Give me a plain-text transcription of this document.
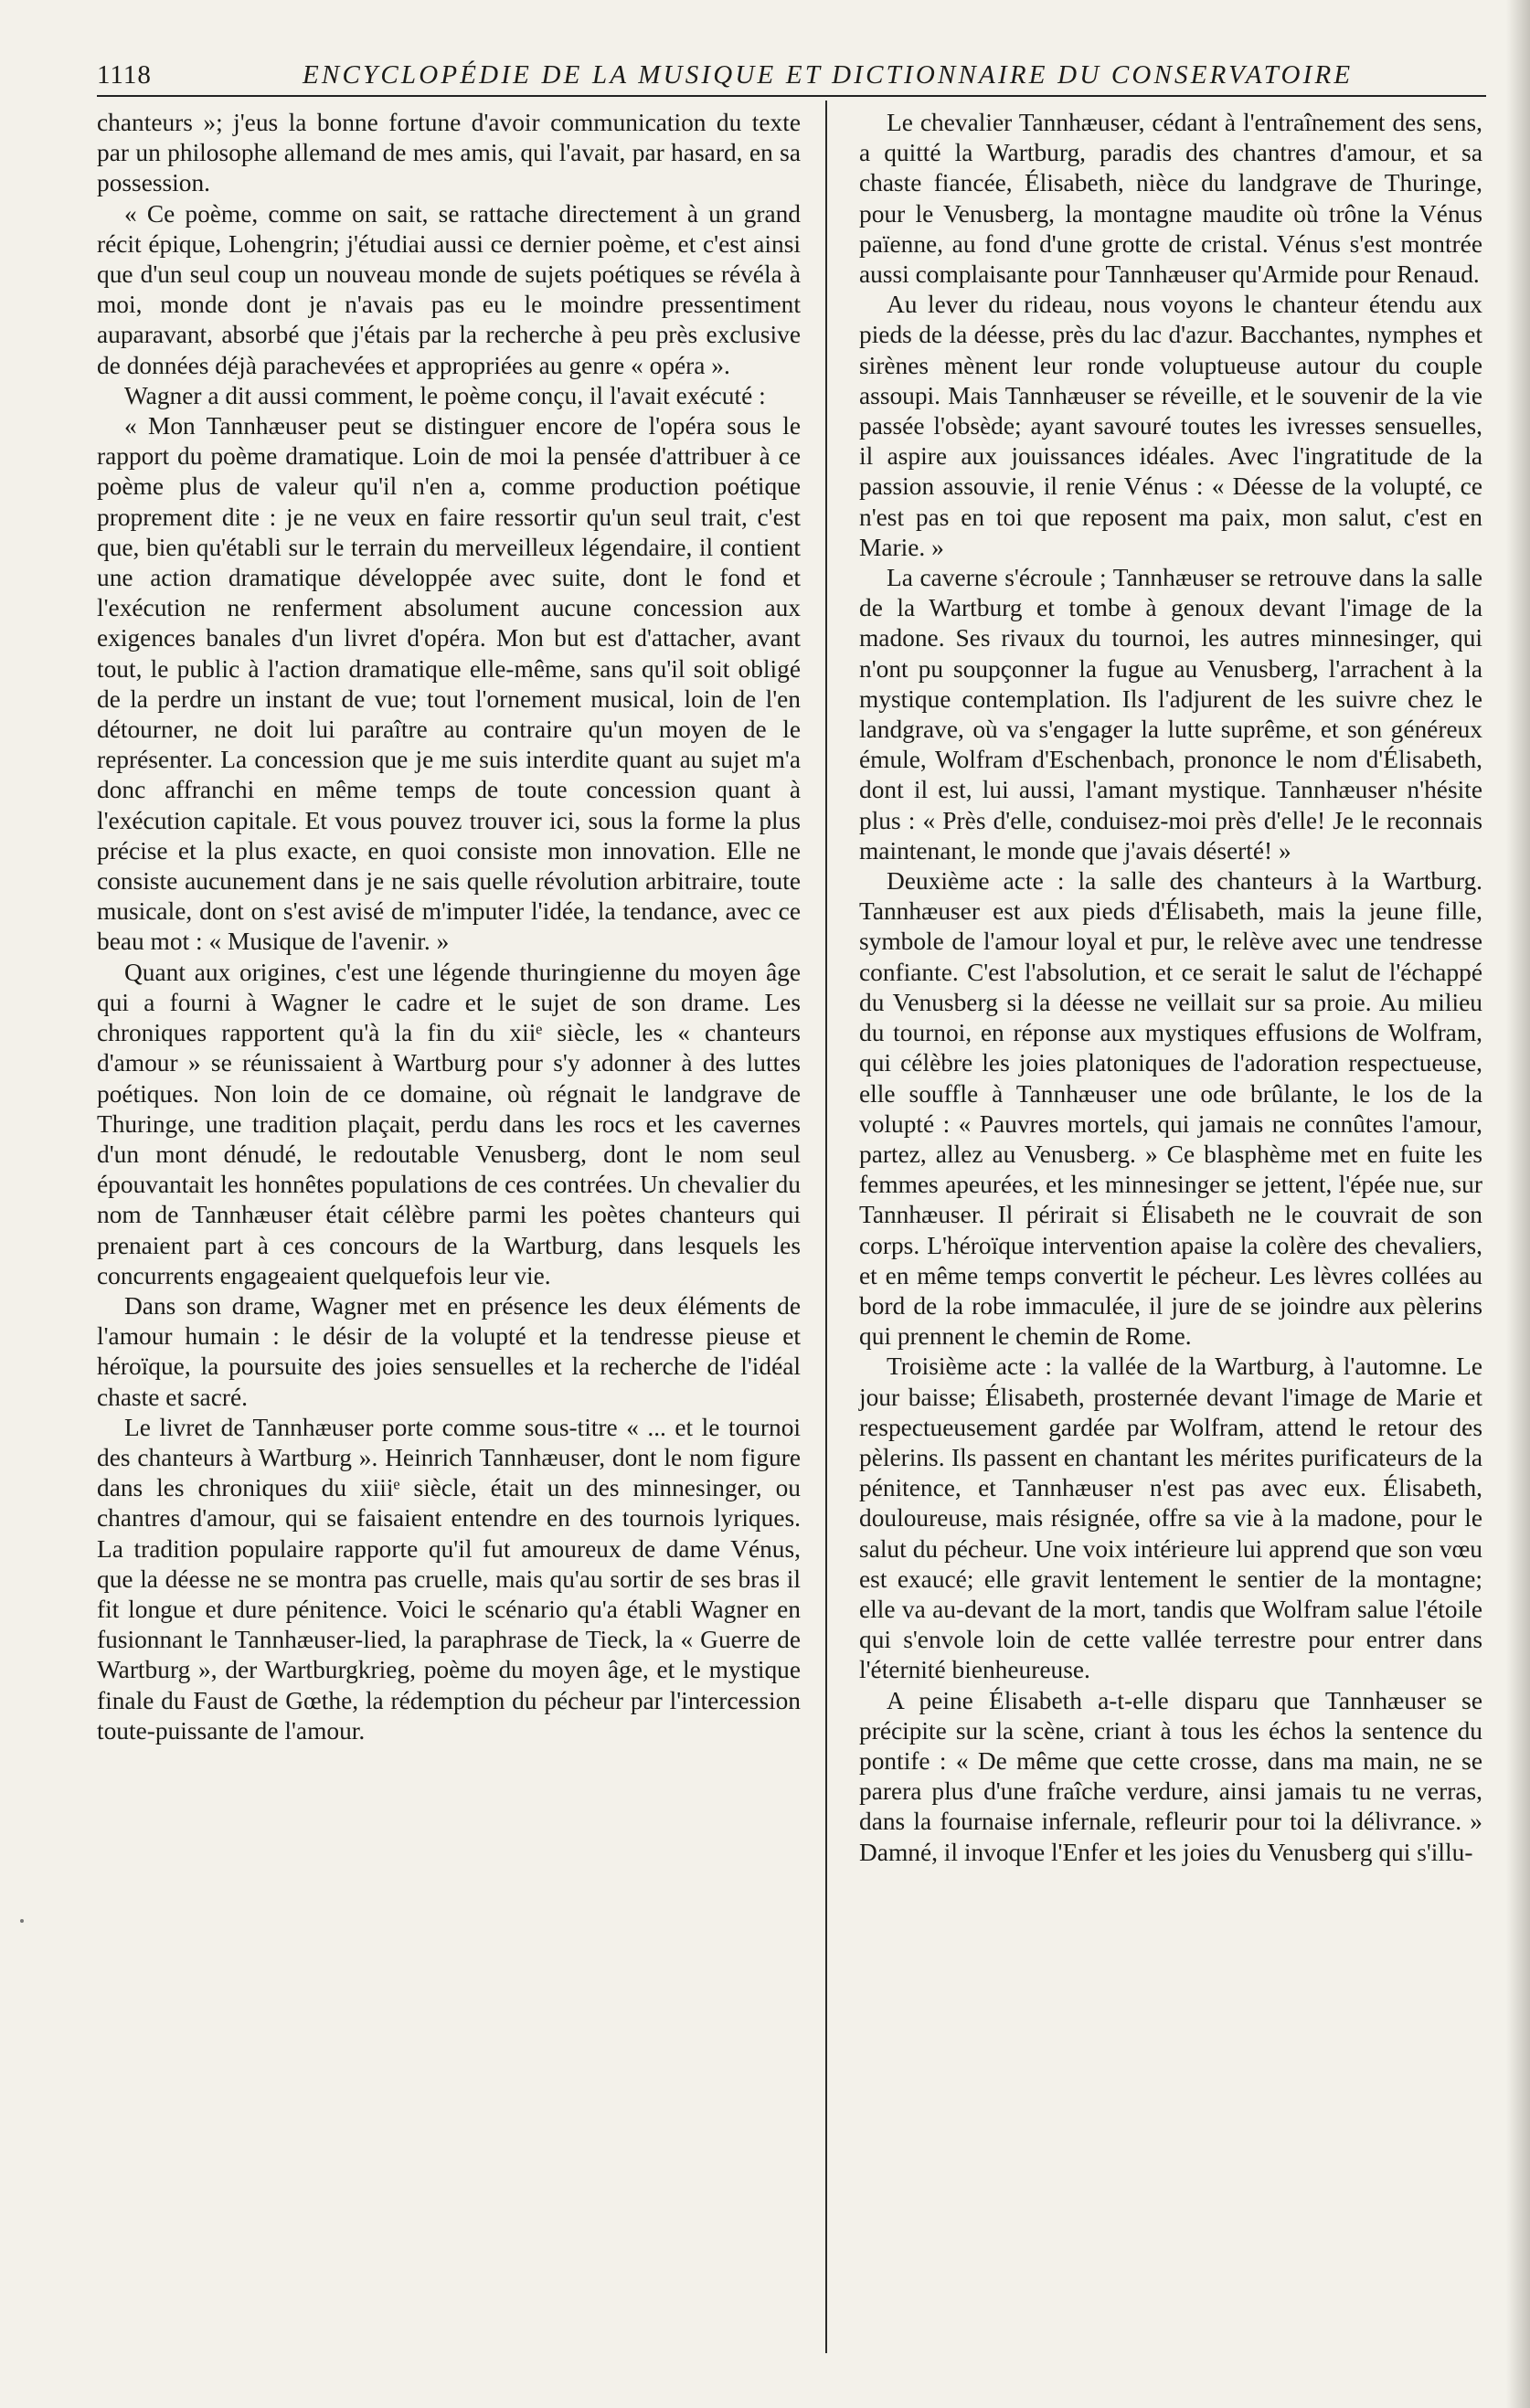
1118	ENCYCLOPÉDIE DE LA MUSIQUE ET DICTIONNAIRE DU CONSERVATOIRE

chanteurs »; j'eus la bonne fortune d'avoir communication du texte par un philosophe allemand de mes amis, qui l'avait, par hasard, en sa possession.

« Ce poème, comme on sait, se rattache directement à un grand récit épique, Lohengrin; j'étudiai aussi ce dernier poème, et c'est ainsi que d'un seul coup un nouveau monde de sujets poétiques se révéla à moi, monde dont je n'avais pas eu le moindre pressentiment auparavant, absorbé que j'étais par la recherche à peu près exclusive de données déjà parachevées et appropriées au genre « opéra ».

Wagner a dit aussi comment, le poème conçu, il l'avait exécuté :

« Mon Tannhæuser peut se distinguer encore de l'opéra sous le rapport du poème dramatique. Loin de moi la pensée d'attribuer à ce poème plus de valeur qu'il n'en a, comme production poétique proprement dite : je ne veux en faire ressortir qu'un seul trait, c'est que, bien qu'établi sur le terrain du merveilleux légendaire, il contient une action dramatique développée avec suite, dont le fond et l'exécution ne renferment absolument aucune concession aux exigences banales d'un livret d'opéra. Mon but est d'attacher, avant tout, le public à l'action dramatique elle-même, sans qu'il soit obligé de la perdre un instant de vue; tout l'ornement musical, loin de l'en détourner, ne doit lui paraître au contraire qu'un moyen de le représenter. La concession que je me suis interdite quant au sujet m'a donc affranchi en même temps de toute concession quant à l'exécution capitale. Et vous pouvez trouver ici, sous la forme la plus précise et la plus exacte, en quoi consiste mon innovation. Elle ne consiste aucunement dans je ne sais quelle révolution arbitraire, toute musicale, dont on s'est avisé de m'imputer l'idée, la tendance, avec ce beau mot : « Musique de l'avenir. »

Quant aux origines, c'est une légende thuringienne du moyen âge qui a fourni à Wagner le cadre et le sujet de son drame. Les chroniques rapportent qu'à la fin du xiiᵉ siècle, les « chanteurs d'amour » se réunissaient à Wartburg pour s'y adonner à des luttes poétiques. Non loin de ce domaine, où régnait le landgrave de Thuringe, une tradition plaçait, perdu dans les rocs et les cavernes d'un mont dénudé, le redoutable Venusberg, dont le nom seul épouvantait les honnêtes populations de ces contrées. Un chevalier du nom de Tannhæuser était célèbre parmi les poètes chanteurs qui prenaient part à ces concours de la Wartburg, dans lesquels les concurrents engageaient quelquefois leur vie.

Dans son drame, Wagner met en présence les deux éléments de l'amour humain : le désir de la volupté et la tendresse pieuse et héroïque, la poursuite des joies sensuelles et la recherche de l'idéal chaste et sacré.

Le livret de Tannhæuser porte comme sous-titre « ... et le tournoi des chanteurs à Wartburg ». Heinrich Tannhæuser, dont le nom figure dans les chroniques du xiiiᵉ siècle, était un des minnesinger, ou chantres d'amour, qui se faisaient entendre en des tournois lyriques. La tradition populaire rapporte qu'il fut amoureux de dame Vénus, que la déesse ne se montra pas cruelle, mais qu'au sortir de ses bras il fit longue et dure pénitence. Voici le scénario qu'a établi Wagner en fusionnant le Tannhæuser-lied, la paraphrase de Tieck, la « Guerre de Wartburg », der Wartburgkrieg, poème du moyen âge, et le mystique finale du Faust de Gœthe, la rédemption du pécheur par l'intercession toute-puissante de l'amour.

Le chevalier Tannhæuser, cédant à l'entraînement des sens, a quitté la Wartburg, paradis des chantres d'amour, et sa chaste fiancée, Élisabeth, nièce du landgrave de Thuringe, pour le Venusberg, la montagne maudite où trône la Vénus païenne, au fond d'une grotte de cristal. Vénus s'est montrée aussi complaisante pour Tannhæuser qu'Armide pour Renaud.

Au lever du rideau, nous voyons le chanteur étendu aux pieds de la déesse, près du lac d'azur. Bacchantes, nymphes et sirènes mènent leur ronde voluptueuse autour du couple assoupi. Mais Tannhæuser se réveille, et le souvenir de la vie passée l'obsède; ayant savouré toutes les ivresses sensuelles, il aspire aux jouissances idéales. Avec l'ingratitude de la passion assouvie, il renie Vénus : « Déesse de la volupté, ce n'est pas en toi que reposent ma paix, mon salut, c'est en Marie. »

La caverne s'écroule ; Tannhæuser se retrouve dans la salle de la Wartburg et tombe à genoux devant l'image de la madone. Ses rivaux du tournoi, les autres minnesinger, qui n'ont pu soupçonner la fugue au Venusberg, l'arrachent à la mystique contemplation. Ils l'adjurent de les suivre chez le landgrave, où va s'engager la lutte suprême, et son généreux émule, Wolfram d'Eschenbach, prononce le nom d'Élisabeth, dont il est, lui aussi, l'amant mystique. Tannhæuser n'hésite plus : « Près d'elle, conduisez-moi près d'elle! Je le reconnais maintenant, le monde que j'avais déserté! »

Deuxième acte : la salle des chanteurs à la Wartburg. Tannhæuser est aux pieds d'Élisabeth, mais la jeune fille, symbole de l'amour loyal et pur, le relève avec une tendresse confiante. C'est l'absolution, et ce serait le salut de l'échappé du Venusberg si la déesse ne veillait sur sa proie. Au milieu du tournoi, en réponse aux mystiques effusions de Wolfram, qui célèbre les joies platoniques de l'adoration respectueuse, elle souffle à Tannhæuser une ode brûlante, le los de la volupté : « Pauvres mortels, qui jamais ne connûtes l'amour, partez, allez au Venusberg. » Ce blasphème met en fuite les femmes apeurées, et les minnesinger se jettent, l'épée nue, sur Tannhæuser. Il périrait si Élisabeth ne le couvrait de son corps. L'héroïque intervention apaise la colère des chevaliers, et en même temps convertit le pécheur. Les lèvres collées au bord de la robe immaculée, il jure de se joindre aux pèlerins qui prennent le chemin de Rome.

Troisième acte : la vallée de la Wartburg, à l'automne. Le jour baisse; Élisabeth, prosternée devant l'image de Marie et respectueusement gardée par Wolfram, attend le retour des pèlerins. Ils passent en chantant les mérites purificateurs de la pénitence, et Tannhæuser n'est pas avec eux. Élisabeth, douloureuse, mais résignée, offre sa vie à la madone, pour le salut du pécheur. Une voix intérieure lui apprend que son vœu est exaucé; elle gravit lentement le sentier de la montagne; elle va au-devant de la mort, tandis que Wolfram salue l'étoile qui s'envole loin de cette vallée terrestre pour entrer dans l'éternité bienheureuse.

A peine Élisabeth a-t-elle disparu que Tannhæuser se précipite sur la scène, criant à tous les échos la sentence du pontife : « De même que cette crosse, dans ma main, ne se parera plus d'une fraîche verdure, ainsi jamais tu ne verras, dans la fournaise infernale, refleurir pour toi la délivrance. » Damné, il invoque l'Enfer et les joies du Venusberg qui s'illu-
